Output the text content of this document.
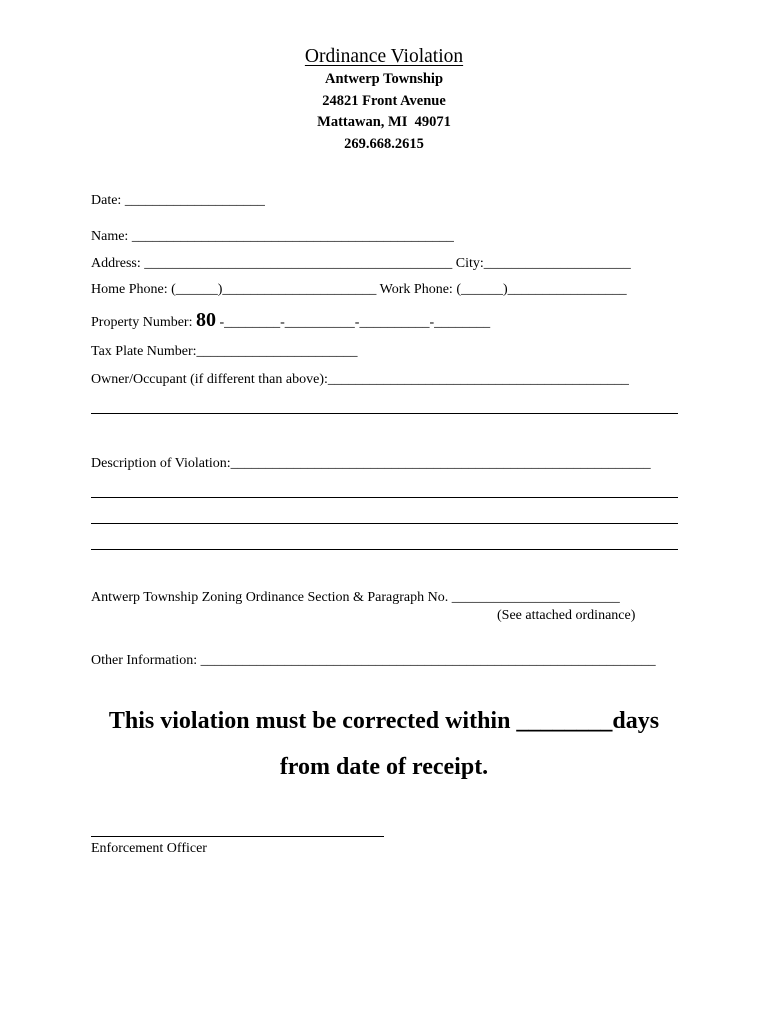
Ordinance Violation
Antwerp Township
24821 Front Avenue
Mattawan, MI  49071
269.668.2615
Date: ____________________
Name: ______________________________________________
Address: ____________________________________________ City:_____________________
Home Phone: (______)______________________ Work Phone: (______)_________________
Property Number: 80 -________-__________-__________-________
Tax Plate Number:_______________________
Owner/Occupant (if different than above):___________________________________________
Description of Violation:____________________________________________________________
Antwerp Township Zoning Ordinance Section & Paragraph No. ________________________
(See attached ordinance)
Other Information: _________________________________________________________________
This violation must be corrected within ________days
from date of receipt.
Enforcement Officer
